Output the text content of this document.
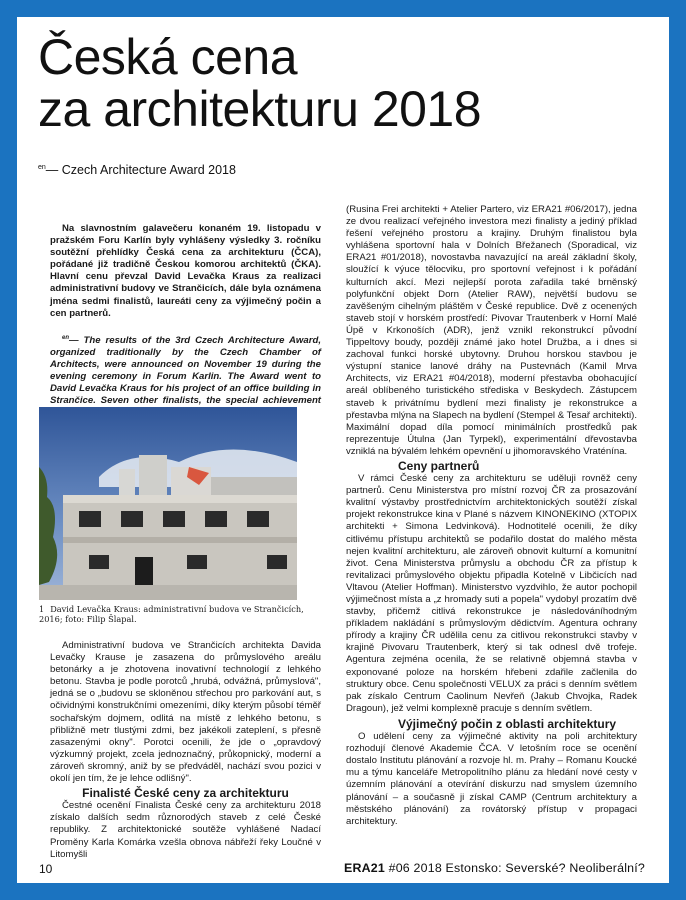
Česká cena
za architekturu 2018
$^{en}$— Czech Architecture Award 2018

Na slavnostním galavečeru konaném 19. listopadu v pražském Foru Karlín byly vyhlášeny výsledky 3. ročníku soutěžní přehlídky Česká cena za architekturu (ČCA), pořádané již tradičně Českou komorou architektů (ČKA). Hlavní cenu převzal David Levačka Kraus za realizaci administrativní budovy ve Strančicích, dále byla oznámena jména sedmi finalistů, laureáti ceny za výjimečný počin a cen partnerů.

$^{en}$— The results of the 3rd Czech Architecture Award, organized traditionally by the Czech Chamber of Architects, were announced on November 19 during the evening ceremony in Forum Karlin. The Award went to David Levačka Kraus for his project of an office building in Strančice. Seven other finalists, the special achievement

1 David Levačka Kraus: administrativní budova ve Strančicích, 2016; foto: Filip Šlapal.

Administrativní budova ve Strančicích architekta Davida Levačky Krause je zasazena do průmyslového areálu betonárky a je zhotovena inovativní technologií z lehkého betonu. Stavba je podle porotců „hrubá, odvážná, průmyslová", jedná se o „budovu se skloněnou střechou pro parkování aut, s očividnými konstrukčními omezeními, díky kterým působí téměř sochařským dojmem, odlitá na místě z lehkého betonu, s přibližně metr tlustými zdmi, bez jakékoli zateplení, s přesně zasazenými okny". Porotci ocenili, že jde o „opravdový výzkumný projekt, zcela jednoznačný, průkopnický, moderní a zároveň skromný, aniž by se předváděl, nachází svou pozici v okolí jen tím, že je lehce odlišný".

Finalisté České ceny za architekturu

Čestné ocenění Finalista České ceny za architekturu 2018 získalo dalších sedm různorodých staveb z celé České republiky. Z architektonické soutěže vyhlášené Nadací Proměny Karla Komárka vzešla obnova nábřeží řeky Loučné v Litomyšli

(Rusina Frei architekti + Atelier Partero, viz ERA21 #06/2017), jedna ze dvou realizací veřejného investora mezi finalisty a jediný příklad řešení veřejného prostoru a krajiny. Druhým finalistou byla vyhlášena sportovní hala v Dolních Břežanech (Sporadical, viz ERA21 #01/2018), novostavba navazující na areál základní školy, sloužící k výuce tělocviku, pro sportovní veřejnost i k pořádání kulturních akcí. Mezi nejlepší porota zařadila také brněnský polyfunkční objekt Dorn (Atelier RAW), největší budovu se zavěšeným cihelným pláštěm v České republice. Dvě z ocenených staveb stojí v horském prostředí: Pivovar Trautenberk v Horní Malé Úpě v Krkonoších (ADR), jenž vznikl rekonstrukcí původní Tippeltovy boudy, později známé jako hotel Družba, a i dnes si zachoval funkci horské ubytovny. Druhou horskou stavbou je výstupní stanice lanové dráhy na Pustevnách (Kamil Mrva Architects, viz ERA21 #04/2018), moderní přestavba obohacující areál oblíbeného turistického střediska v Beskydech. Zástupcem staveb k privátnímu bydlení mezi finalisty je rekonstrukce a přestavba mlýna na Slapech na bydlení (Stempel & Tesař architekti). Maximální dopad díla pomocí minimálních prostředků pak reprezentuje Útulna (Jan Tyrpekl), experimentální dřevostavba vzniklá na bývalém lehkém opevnění u jihomoravského Vraténína.

Ceny partnerů

V rámci České ceny za architekturu se uděluji rovněž ceny partnerů. Cenu Ministerstva pro místní rozvoj ČR za prosazování kvalitní výstavby prostřednictvím architektonických soutěží získal projekt rekonstrukce kina v Plané s názvem KINONEKINO (XTOPIX architekti + Simona Ledvinková). Hodnotitelé ocenili, že díky citlivému přístupu architektů se podařilo dostat do malého města nejen kvalitní architekturu, ale zároveň obnovit kulturní a komunitní život. Cena Ministerstva průmyslu a obchodu ČR za přístup k revitalizaci průmyslového objektu připadla Kotelně v Libčicích nad Vltavou (Atelier Hoffman). Ministerstvo vyzdvihlo, že autor pochopil výjimečnost místa a „z hromady suti a popela" vydobyl prozatím dvě stavby, přičemž citlivá rekonstrukce je následováníhodným příkladem nakládání s průmyslovým dědictvím. Agentura ochrany přírody a krajiny ČR udělila cenu za citlivou rekonstrukci stavby v krajině Pivovaru Trautenberk, který si tak odnesl dvě trofeje. Agentura zejména ocenila, že se relativně objemná stavba v exponované poloze na horském hřebeni zdařile začlenila do struktury obce. Cenu společnosti VELUX za práci s denním světlem pak získalo Centrum Caolinum Nevřeň (Jakub Chvojka, Radek Dragoun), jež velmi komplexně pracuje s denním světlem.

Výjimečný počin z oblasti architektury

O udělení ceny za výjimečné aktivity na poli architektury rozhodují členové Akademie ČCA. V letošním roce se ocenění dostalo Institutu plánování a rozvoje hl. m. Prahy – Romanu Koucké mu a týmu kanceláře Metropolitního plánu za hledání nové cesty v územním plánování a otevírání diskurzu nad smyslem územního plánování – a současně ji získal CAMP (Centrum architektury a městského plánování) za rovátorský přístup v propagaci architektury.

10	ERA21 #06 2018 Estonsko: Severské? Neoliberální?
